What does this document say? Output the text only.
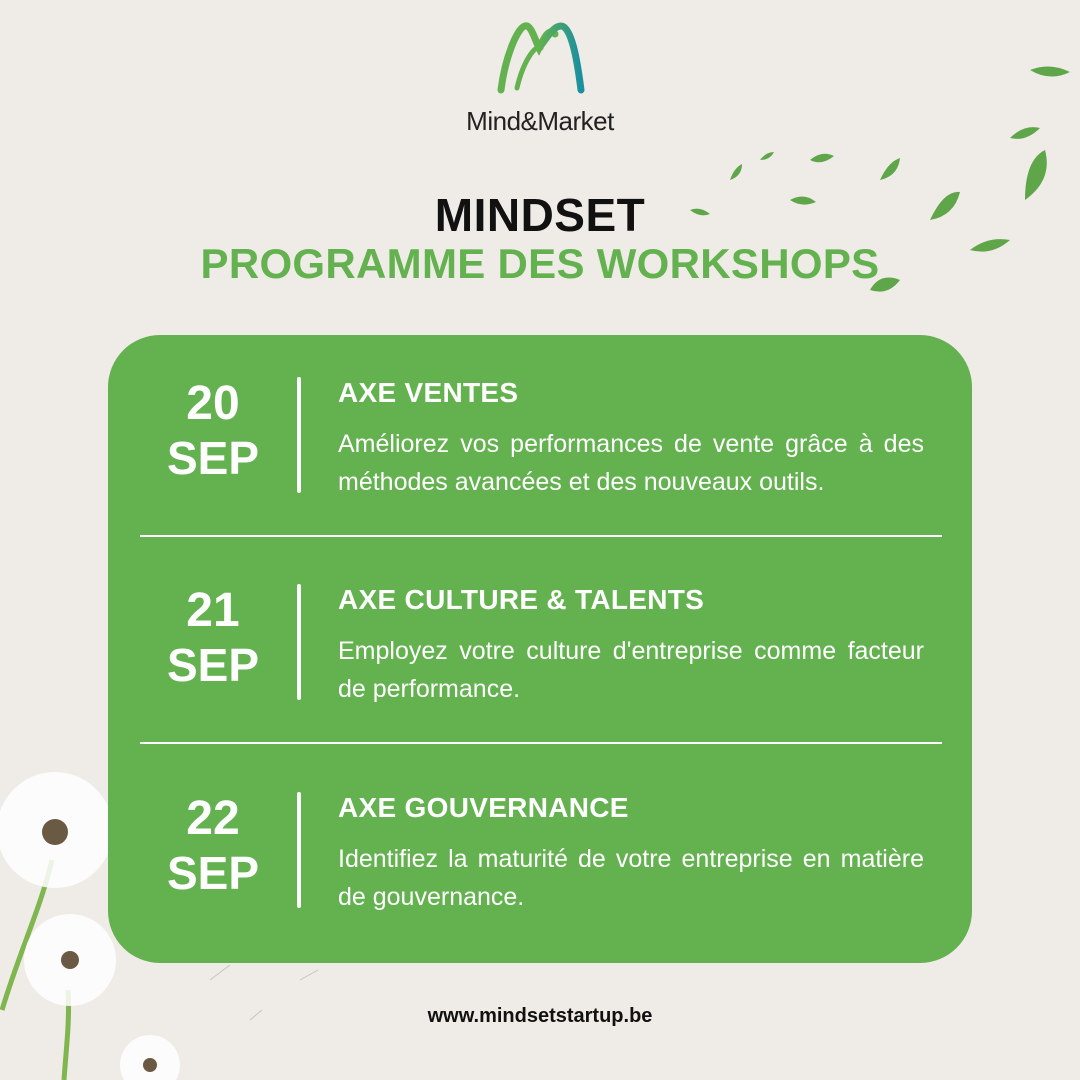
Mind&Market
MINDSET
PROGRAMME DES WORKSHOPS
20
SEP
AXE VENTES
Améliorez vos performances de vente grâce à des méthodes avancées et des nouveaux outils.
21
SEP
AXE CULTURE & TALENTS
Employez votre culture d'entreprise comme facteur de performance.
22
SEP
AXE GOUVERNANCE
Identifiez la maturité de votre entreprise en matière de gouvernance.
www.mindsetstartup.be
